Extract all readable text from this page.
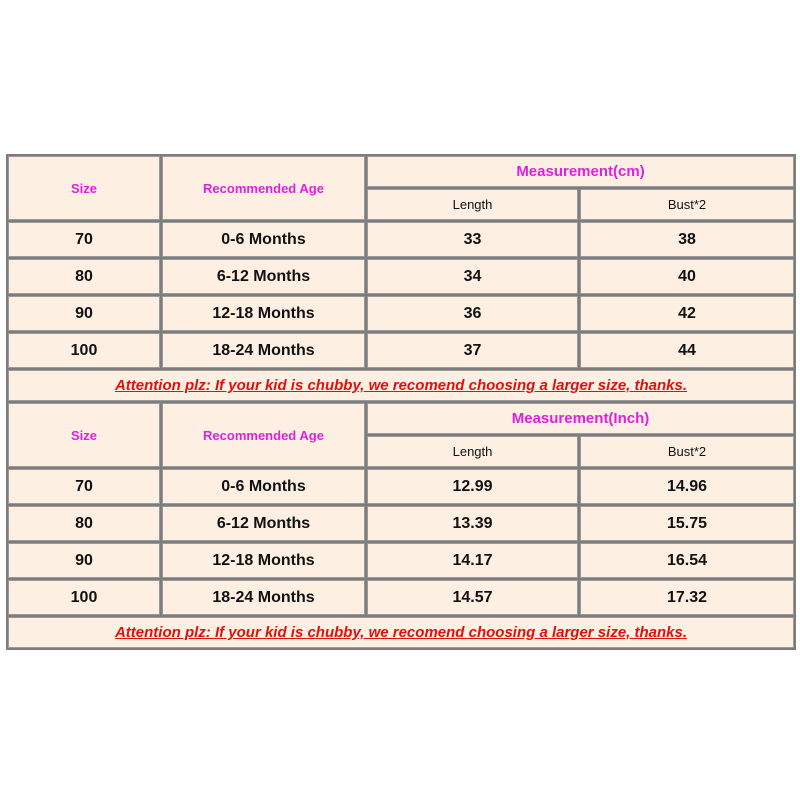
Size	Recommended Age	Measurement(cm)	
		Length	Bust*2
70	0-6 Months	33	38
80	6-12 Months	34	40
90	12-18 Months	36	42
100	18-24 Months	37	44
Attention plz: If your kid is chubby, we recomend choosing a larger size, thanks.			
Size	Recommended Age	Measurement(Inch)	
		Length	Bust*2
70	0-6 Months	12.99	14.96
80	6-12 Months	13.39	15.75
90	12-18 Months	14.17	16.54
100	18-24 Months	14.57	17.32
Attention plz: If your kid is chubby, we recomend choosing a larger size, thanks.			
